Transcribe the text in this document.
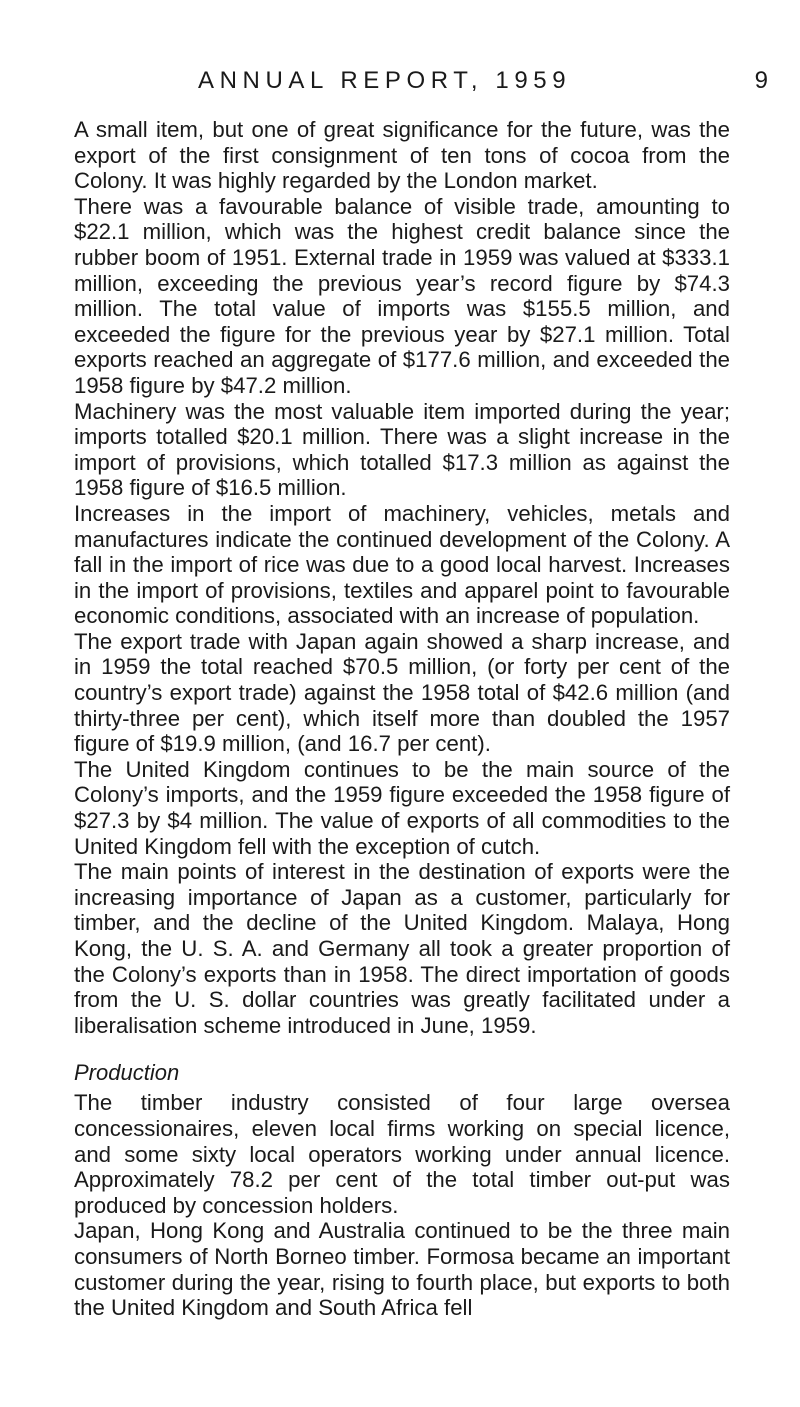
ANNUAL REPORT, 1959	9

A small item, but one of great significance for the future, was the export of the first consignment of ten tons of cocoa from the Colony. It was highly regarded by the London market.

There was a favourable balance of visible trade, amounting to $22.1 million, which was the highest credit balance since the rubber boom of 1951. External trade in 1959 was valued at $333.1 million, exceeding the previous year’s record figure by $74.3 million. The total value of imports was $155.5 million, and exceeded the figure for the previous year by $27.1 million. Total exports reached an aggregate of $177.6 million, and exceeded the 1958 figure by $47.2 million.

Machinery was the most valuable item imported during the year; imports totalled $20.1 million. There was a slight increase in the import of provisions, which totalled $17.3 million as against the 1958 figure of $16.5 million.

Increases in the import of machinery, vehicles, metals and manufactures indicate the continued development of the Colony. A fall in the import of rice was due to a good local harvest. Increases in the import of provisions, textiles and apparel point to favourable economic conditions, associated with an increase of population.

The export trade with Japan again showed a sharp increase, and in 1959 the total reached $70.5 million, (or forty per cent of the country’s export trade) against the 1958 total of $42.6 million (and thirty-three per cent), which itself more than doubled the 1957 figure of $19.9 million, (and 16.7 per cent).

The United Kingdom continues to be the main source of the Colony’s imports, and the 1959 figure exceeded the 1958 figure of $27.3 by $4 million. The value of exports of all commodities to the United Kingdom fell with the exception of cutch.

The main points of interest in the destination of exports were the increasing importance of Japan as a customer, particularly for timber, and the decline of the United Kingdom. Malaya, Hong Kong, the U. S. A. and Germany all took a greater proportion of the Colony’s exports than in 1958. The direct importation of goods from the U. S. dollar countries was greatly facilitated under a liberalisation scheme introduced in June, 1959.

Production

The timber industry consisted of four large oversea concessionaires, eleven local firms working on special licence, and some sixty local operators working under annual licence. Approximately 78.2 per cent of the total timber out-put was produced by concession holders.

Japan, Hong Kong and Australia continued to be the three main consumers of North Borneo timber. Formosa became an important customer during the year, rising to fourth place, but exports to both the United Kingdom and South Africa fell
